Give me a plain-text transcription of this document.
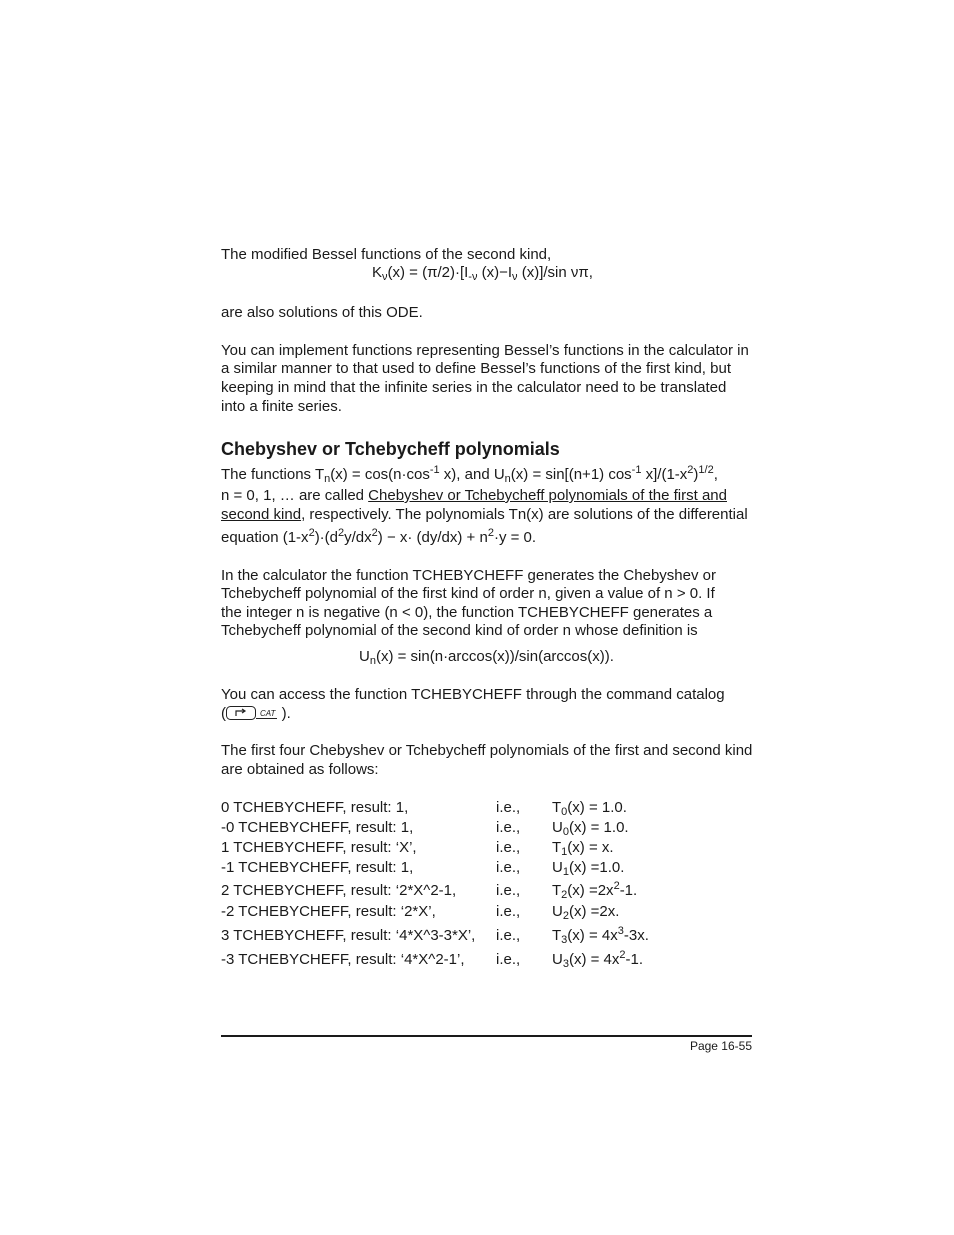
The modified Bessel functions of the second kind,
$K_\nu(x) = (\pi/2)\cdot[I_{-\nu}$ $(x)-I_\nu$ (x)]/sin νπ,
are also solutions of this ODE.
You can implement functions representing Bessel’s functions in the calculator in
a similar manner to that used to define Bessel’s functions of the first kind, but
keeping in mind that the infinite series in the calculator need to be translated
into a finite series.
Chebyshev or Tchebycheff polynomials
The functions $T_n(x) = \cos(n\cdot\cos^{-1}$ x), and $U_n(x) = \sin[(n+1)$ $\cos^{-1} x]/(1-x^2)^{1/2}$,
n = 0, 1, … are called Chebyshev or Tchebycheff polynomials of the first and
second kind, respectively. The polynomials Tn(x) are solutions of the differential
equation $(1-x^2)\cdot(d^2y/dx^2) - x\cdot (dy/dx) + n^2\cdot y = 0$.
In the calculator the function TCHEBYCHEFF generates the Chebyshev or
Tchebycheff polynomial of the first kind of order n, given a value of n > 0. If
the integer n is negative (n < 0), the function TCHEBYCHEFF generates a
Tchebycheff polynomial of the second kind of order n whose definition is
$U_n(x) = \sin(n\cdot\arccos(x))/\sin(\arccos(x))$.
You can access the function TCHEBYCHEFF through the command catalog
(	CAT ).
The first four Chebyshev or Tchebycheff polynomials of the first and second kind
are obtained as follows:
0 TCHEBYCHEFF, result: 1,	i.e., $T_0(x) = 1.0$.
-0 TCHEBYCHEFF, result: 1,	i.e., $U_0(x) = 1.0$.
1 TCHEBYCHEFF, result: ‘X’,	i.e., $T_1(x) = x$.
-1 TCHEBYCHEFF, result: 1,	i.e., $U_1(x) =1.0$.
2 TCHEBYCHEFF, result: ‘2*X^2-1,	i.e., $T_2(x) =2x^2-1$.
-2 TCHEBYCHEFF, result: ‘2*X’,	i.e., $U_2(x) =2x$.
3 TCHEBYCHEFF, result: ‘4*X^3-3*X’, i.e., $T_3(x) = 4x^3-3x$.
-3 TCHEBYCHEFF, result: ‘4*X^2-1’, i.e., $U_3(x) = 4x^2-1$.
Page 16-55
